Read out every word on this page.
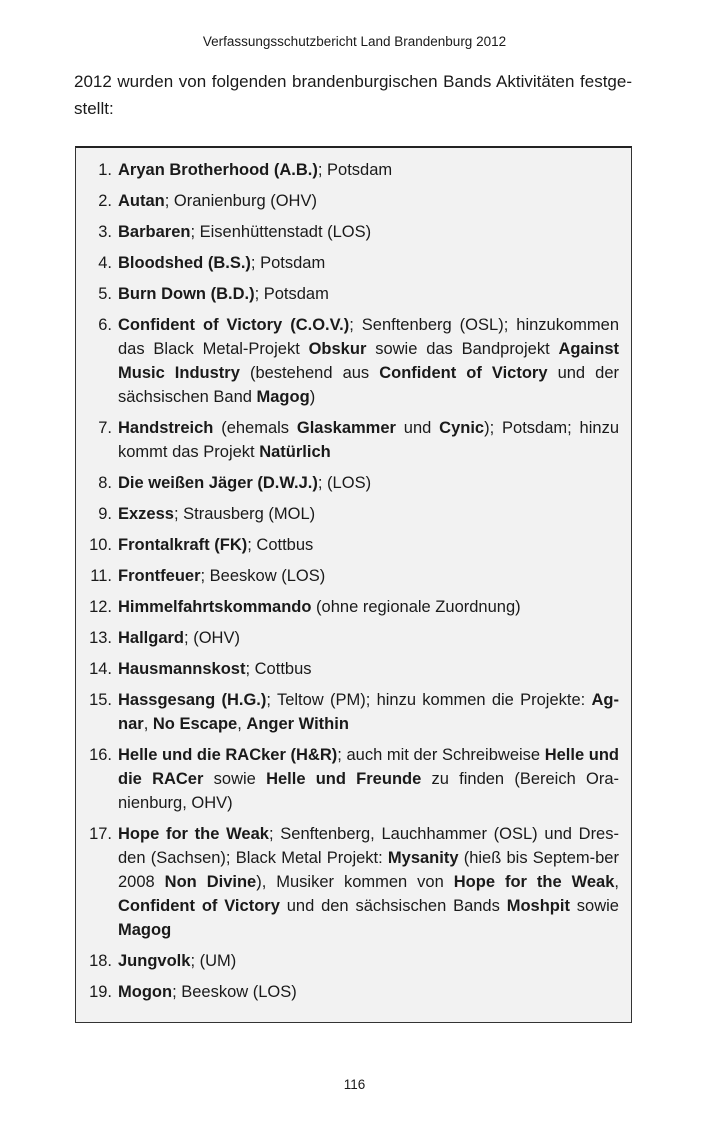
Verfassungsschutzbericht Land Brandenburg 2012
2012 wurden von folgenden brandenburgischen Bands Aktivitäten festge-stellt:
1. Aryan Brotherhood (A.B.); Potsdam
2. Autan; Oranienburg (OHV)
3. Barbaren; Eisenhüttenstadt (LOS)
4. Bloodshed (B.S.); Potsdam
5. Burn Down (B.D.); Potsdam
6. Confident of Victory (C.O.V.); Senftenberg (OSL); hinzukommen das Black Metal-Projekt Obskur sowie das Bandprojekt Against Music Industry (bestehend aus Confident of Victory und der sächsischen Band Magog)
7. Handstreich (ehemals Glaskammer und Cynic); Potsdam; hinzu kommt das Projekt Natürlich
8. Die weißen Jäger (D.W.J.); (LOS)
9. Exzess; Strausberg (MOL)
10. Frontalkraft (FK); Cottbus
11. Frontfeuer; Beeskow (LOS)
12. Himmelfahrtskommando (ohne regionale Zuordnung)
13. Hallgard; (OHV)
14. Hausmannskost; Cottbus
15. Hassgesang (H.G.); Teltow (PM); hinzu kommen die Projekte: Ag-nar, No Escape, Anger Within
16. Helle und die RACker (H&R); auch mit der Schreibweise Helle und die RACer sowie Helle und Freunde zu finden (Bereich Ora-nienburg, OHV)
17. Hope for the Weak; Senftenberg, Lauchhammer (OSL) und Dres-den (Sachsen); Black Metal Projekt: Mysanity (hieß bis Septem-ber 2008 Non Divine), Musiker kommen von Hope for the Weak, Confident of Victory und den sächsischen Bands Moshpit sowie Magog
18. Jungvolk; (UM)
19. Mogon; Beeskow (LOS)
116
